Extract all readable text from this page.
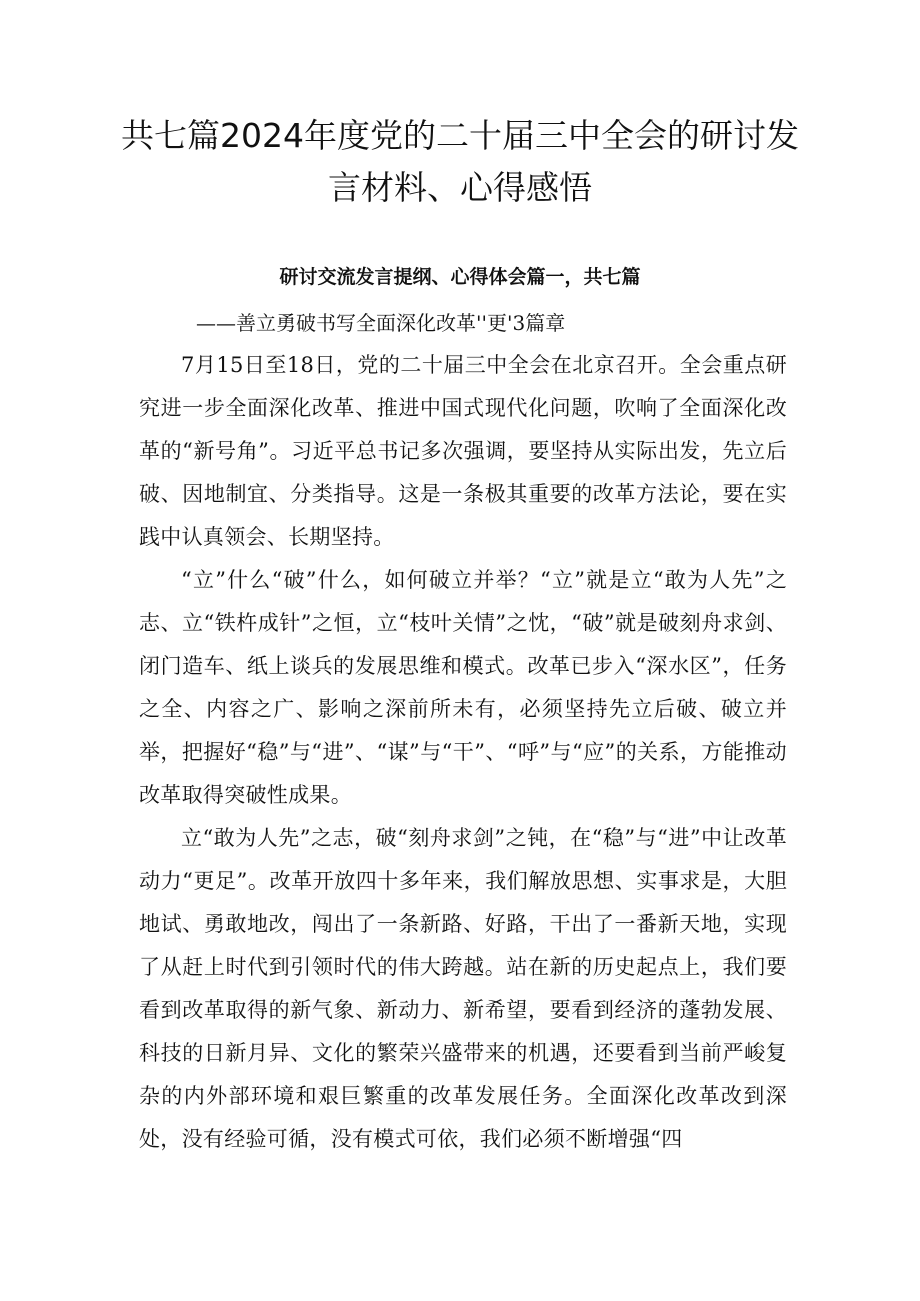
共七篇2024年度党的二十届三中全会的研讨发言材料、心得感悟
研讨交流发言提纲、心得体会篇一，共七篇

——善立勇破书写全面深化改革''更'3篇章

7月15日至18日，党的二十届三中全会在北京召开。全会重点研究进一步全面深化改革、推进中国式现代化问题，吹响了全面深化改革的“新号角”。习近平总书记多次强调，要坚持从实际出发，先立后破、因地制宜、分类指导。这是一条极其重要的改革方法论，要在实践中认真领会、长期坚持。

“立”什么“破”什么，如何破立并举？“立”就是立“敢为人先”之志、立“铁杵成针”之恒，立“枝叶关情”之忱，“破”就是破刻舟求剑、闭门造车、纸上谈兵的发展思维和模式。改革已步入“深水区”，任务之全、内容之广、影响之深前所未有，必须坚持先立后破、破立并举，把握好“稳”与“进”、“谋”与“干”、“呼”与“应”的关系，方能推动改革取得突破性成果。

立“敢为人先”之志，破“刻舟求剑”之钝，在“稳”与“进”中让改革动力“更足”。改革开放四十多年来，我们解放思想、实事求是，大胆地试、勇敢地改，闯出了一条新路、好路，干出了一番新天地，实现了从赶上时代到引领时代的伟大跨越。站在新的历史起点上，我们要看到改革取得的新气象、新动力、新希望，要看到经济的蓬勃发展、科技的日新月异、文化的繁荣兴盛带来的机遇，还要看到当前严峻复杂的内外部环境和艰巨繁重的改革发展任务。全面深化改革改到深处，没有经验可循，没有模式可依，我们必须不断增强“四
